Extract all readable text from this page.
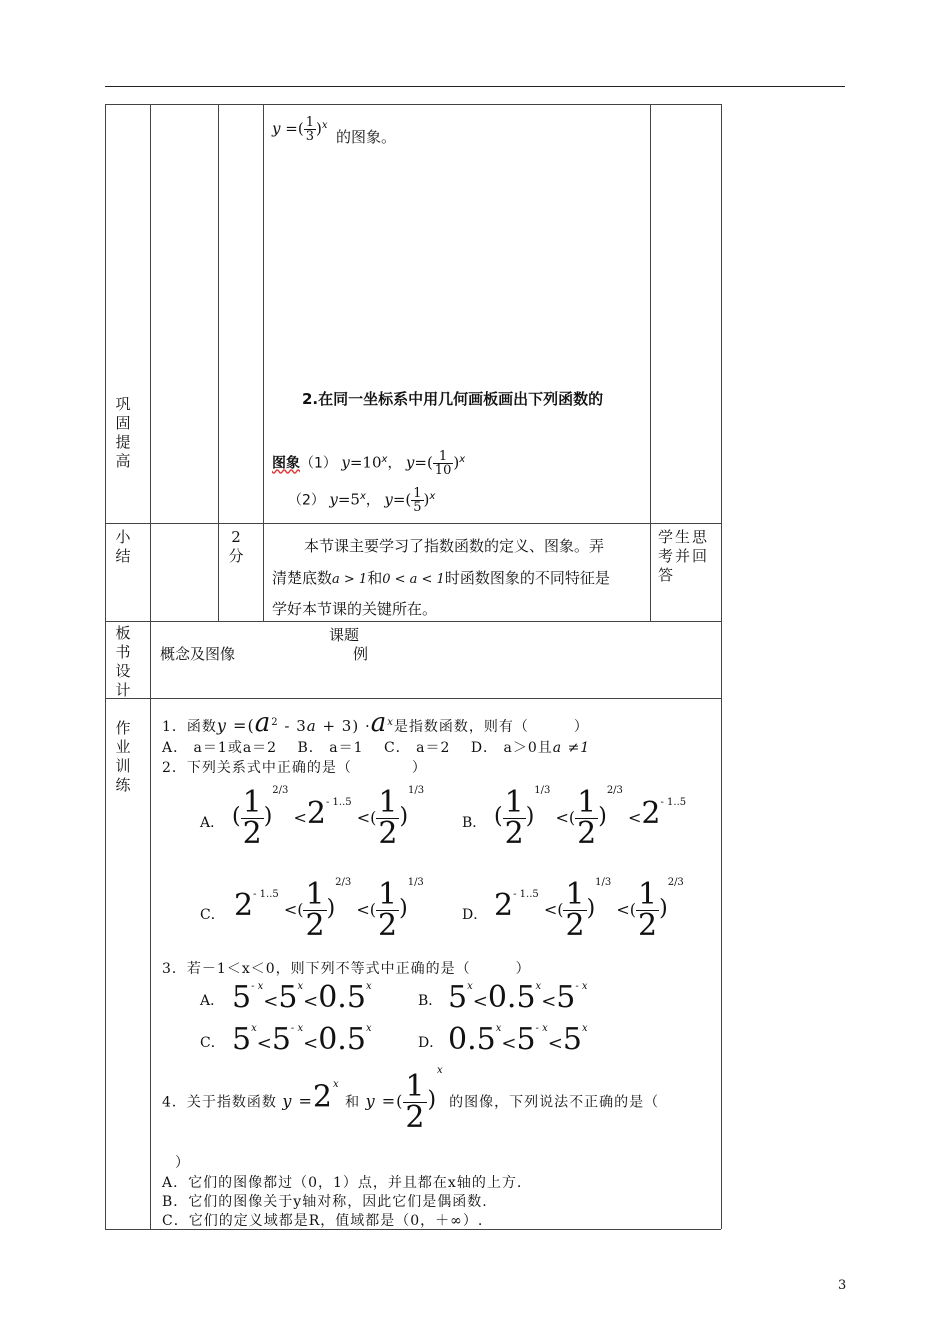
巩固提高
小结
板书设计
作业训练
y =( $\frac{1}{3} )^x$
的图象。
2.在同一坐标系中用几何画板画出下列函数的
图象（1） $y=10^x$， $y=( \frac{1}{10} )^x$
（2） $y=5^x$， $y=( \frac{1}{5} )^x$
2分
本节课主要学习了指数函数的定义、图象。弄
清楚底数a > 1和0 < a < 1时函数图象的不同特征是
学好本节课的关键所在。
学生思考并回答
课题
概念及图像	例
1．函数$y =(a^2 - 3a + 3) \cdot a^x$是指数函数，则有（　　　）
A． a＝1或a＝2　 B． a＝1　 C． a＝2　 D． a＞0且a ≠1
2．下列关系式中正确的是（　　　　）
A． ( $\frac{1}{2} )^{2/3} <2^{- 1..5}$ <( $\frac{1}{2} )^{1/3}$
B． ( $\frac{1}{2} )^{1/3}$ <( $\frac{1}{2} )^{2/3} <2^{- 1..5}$
C． $2^{- 1..5}$ <( $\frac{1}{2} )^{2/3}$ <( $\frac{1}{2} )^{1/3}$
D． $2^{- 1..5}$ <( $\frac{1}{2} )^{1/3}$ <( $\frac{1}{2} )^{2/3}$
3．若－1＜x＜0，则下列不等式中正确的是（　　　）
A． $5^{- x}<5^x<0.5^x$
B． $5^x<0.5^x<5^{- x}$
C． $5^x<5^{- x}<0.5^x$
D． $0.5^x<5^{- x}<5^x$
4．关于指数函数 $y =2^x$ 和 y =( $\frac{1}{2} )^x$ 的图像，下列说法不正确的是（
）
A．它们的图像都过（0，1）点，并且都在x轴的上方.
B．它们的图像关于y轴对称，因此它们是偶函数.
C．它们的定义域都是R，值域都是（0，＋∞）.
3
